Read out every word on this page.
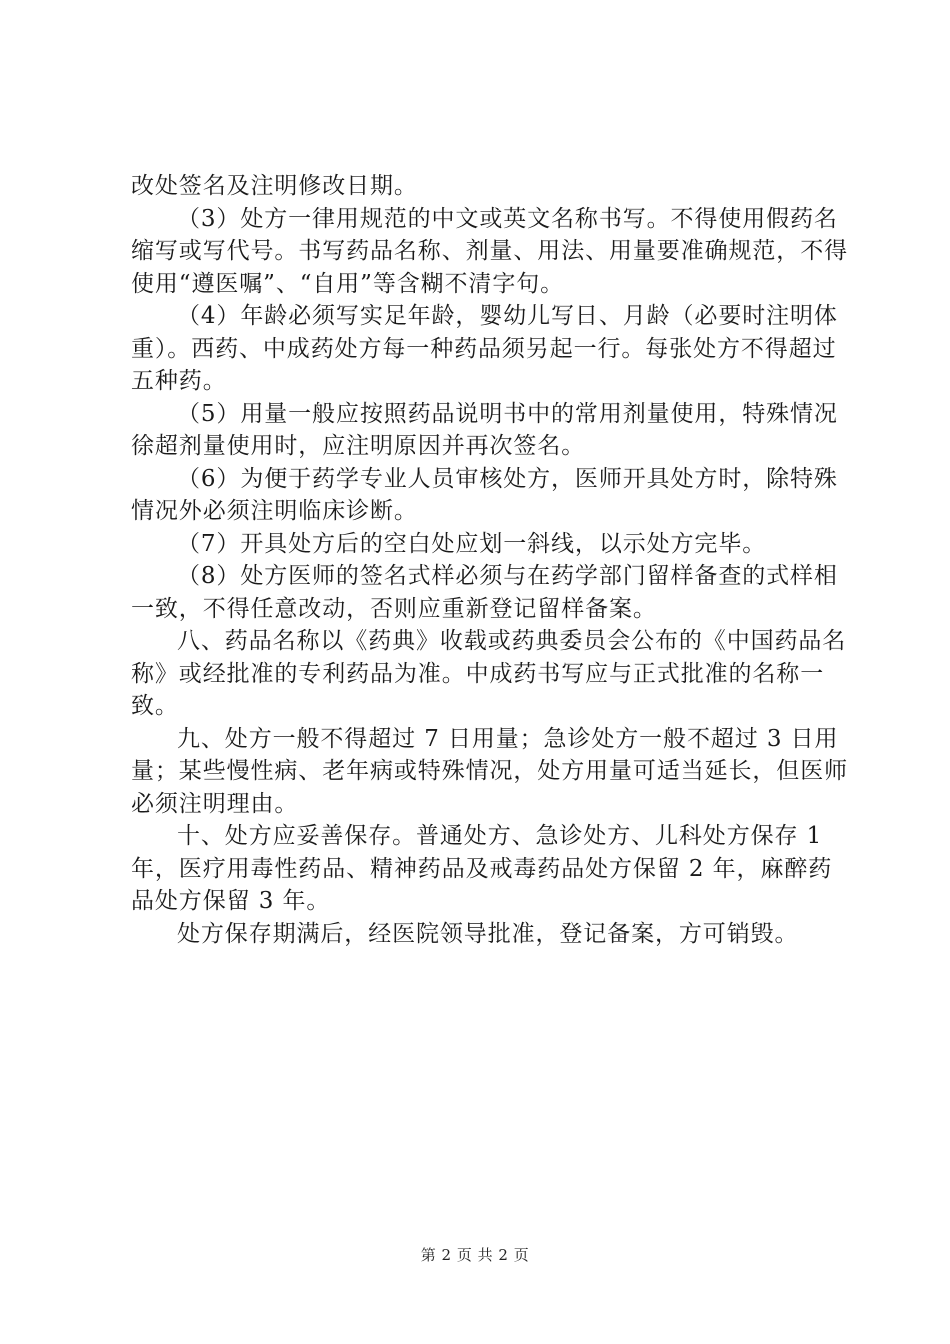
改处签名及注明修改日期。

（3）处方一律用规范的中文或英文名称书写。不得使用假药名缩写或写代号。书写药品名称、剂量、用法、用量要准确规范，不得使用“遵医嘱”、“自用”等含糊不清字句。

（4）年龄必须写实足年龄，婴幼儿写日、月龄（必要时注明体重）。西药、中成药处方每一种药品须另起一行。每张处方不得超过五种药。

（5）用量一般应按照药品说明书中的常用剂量使用，特殊情况徐超剂量使用时，应注明原因并再次签名。

（6）为便于药学专业人员审核处方，医师开具处方时，除特殊情况外必须注明临床诊断。

（7）开具处方后的空白处应划一斜线，以示处方完毕。

（8）处方医师的签名式样必须与在药学部门留样备查的式样相一致，不得任意改动，否则应重新登记留样备案。

八、药品名称以《药典》收载或药典委员会公布的《中国药品名称》或经批准的专利药品为准。中成药书写应与正式批准的名称一致。

九、处方一般不得超过 7 日用量；急诊处方一般不超过 3 日用量；某些慢性病、老年病或特殊情况，处方用量可适当延长，但医师必须注明理由。

十、处方应妥善保存。普通处方、急诊处方、儿科处方保存 1 年，医疗用毒性药品、精神药品及戒毒药品处方保留 2 年，麻醉药品处方保留 3 年。

处方保存期满后，经医院领导批准，登记备案，方可销毁。

第 2 页 共 2 页
